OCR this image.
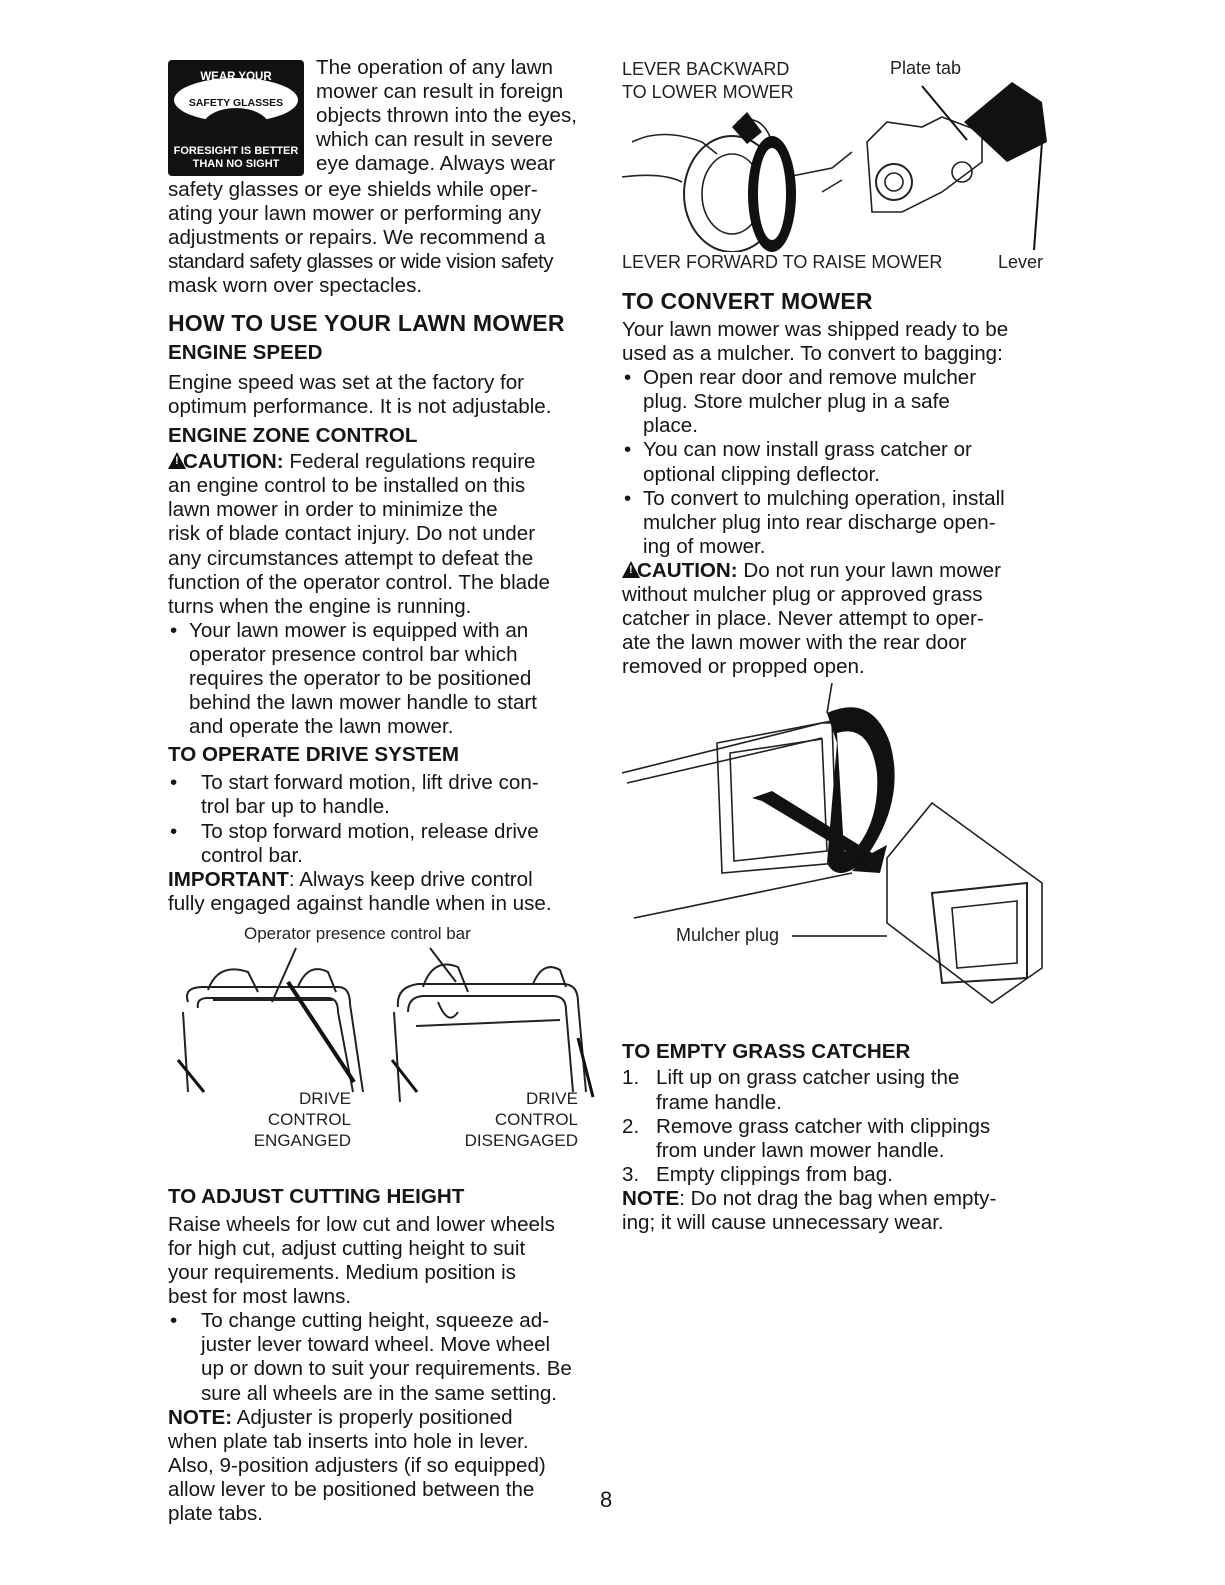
WEAR YOUR
SAFETY GLASSES
FORESIGHT IS BETTER
THAN NO SIGHT
The operation of any lawn
mower can result in foreign
objects thrown into the eyes,
which can result in severe
eye damage. Always wear
safety glasses or eye shields while oper-
ating your lawn mower or performing any
adjustments or repairs. We recommend a
standard safety glasses or wide vision safety
mask worn over spectacles.
HOW TO USE YOUR LAWN MOWER
ENGINE SPEED
Engine speed was set at the factory for
optimum performance. It is not adjustable.
ENGINE ZONE CONTROL
!CAUTION: Federal regulations require
an engine control to be installed on this
lawn mower in order to minimize the
risk of blade contact injury. Do not under
any circumstances attempt to defeat the
function of the operator control. The blade
turns when the engine is running.
• Your lawn mower is equipped with an
operator presence control bar which
requires the operator to be positioned
behind the lawn mower handle to start
and operate the lawn mower.
TO OPERATE DRIVE SYSTEM
• To start forward motion, lift drive con-
trol bar up to handle.
• To stop forward motion, release drive
control bar.
IMPORTANT: Always keep drive control
fully engaged against handle when in use.
Operator presence control bar
DRIVE
CONTROL
ENGANGED
DRIVE
CONTROL
DISENGAGED
TO ADJUST CUTTING HEIGHT
Raise wheels for low cut and lower wheels
for high cut, adjust cutting height to suit
your requirements. Medium position is
best for most lawns.
• To change cutting height, squeeze ad-
juster lever toward wheel. Move wheel
up or down to suit your requirements. Be
sure all wheels are in the same setting.
NOTE: Adjuster is properly positioned
when plate tab inserts into hole in lever.
Also, 9-position adjusters (if so equipped)
allow lever to be positioned between the
plate tabs.
LEVER BACKWARD
TO LOWER MOWER
Plate tab
LEVER FORWARD TO RAISE MOWER	Lever
TO CONVERT MOWER
Your lawn mower was shipped ready to be
used as a mulcher. To convert to bagging:
• Open rear door and remove mulcher
plug. Store mulcher plug in a safe
place.
• You can now install grass catcher or
optional clipping deflector.
• To convert to mulching operation, install
mulcher plug into rear discharge open-
ing of mower.
!CAUTION: Do not run your lawn mower
without mulcher plug or approved grass
catcher in place. Never attempt to oper-
ate the lawn mower with the rear door
removed or propped open.
Mulcher plug
TO EMPTY GRASS CATCHER
1. Lift up on grass catcher using the
frame handle.
2. Remove grass catcher with clippings
from under lawn mower handle.
3. Empty clippings from bag.
NOTE: Do not drag the bag when empty-
ing; it will cause unnecessary wear.
8
